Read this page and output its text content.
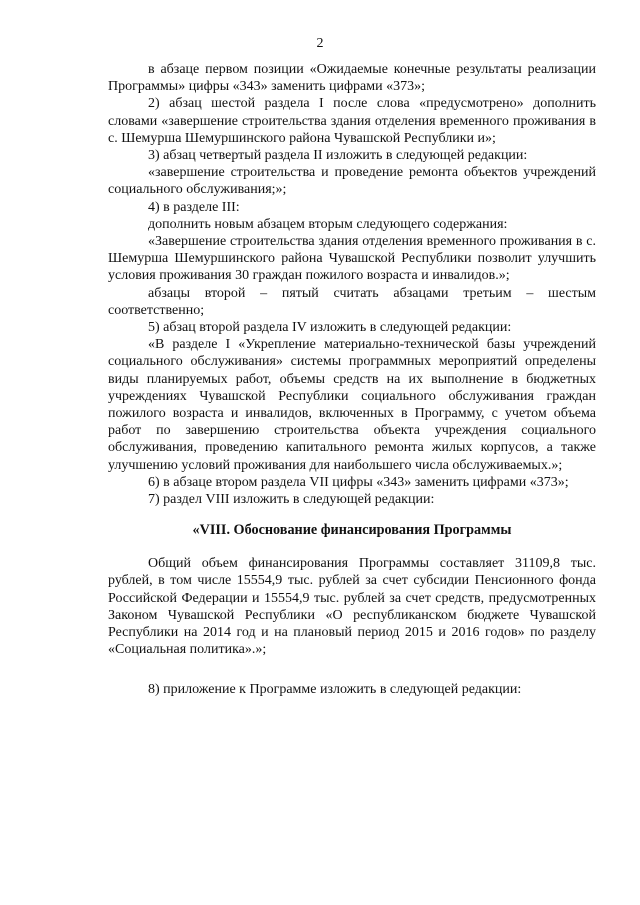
2

в абзаце первом позиции «Ожидаемые конечные результаты реализации Программы» цифры «343» заменить цифрами «373»;

2) абзац шестой раздела I после слова «предусмотрено» дополнить словами «завершение строительства здания отделения временного проживания в с. Шемурша Шемуршинского района Чувашской Республики и»;

3) абзац четвертый раздела II изложить в следующей редакции:

«завершение строительства и проведение ремонта объектов учреждений социального обслуживания;»;

4) в разделе III:

дополнить новым абзацем вторым следующего содержания:

«Завершение строительства здания отделения временного проживания в с. Шемурша Шемуршинского района Чувашской Республики позволит улучшить условия проживания 30 граждан пожилого возраста и инвалидов.»;

абзацы второй – пятый считать абзацами третьим – шестым соответственно;

5) абзац второй раздела IV изложить в следующей редакции:

«В разделе I «Укрепление материально-технической базы учреждений социального обслуживания» системы программных мероприятий определены виды планируемых работ, объемы средств на их выполнение в бюджетных учреждениях Чувашской Республики социального обслуживания граждан пожилого возраста и инвалидов, включенных в Программу, с учетом объема работ по завершению строительства объекта учреждения социального обслуживания, проведению капитального ремонта жилых корпусов, а также улучшению условий проживания для наибольшего числа обслуживаемых.»;

6) в абзаце втором раздела VII цифры «343» заменить цифрами «373»;

7) раздел VIII изложить в следующей редакции:

«VIII. Обоснование финансирования Программы

Общий объем финансирования Программы составляет 31109,8 тыс. рублей, в том числе 15554,9 тыс. рублей за счет субсидии Пенсионного фонда Российской Федерации и 15554,9 тыс. рублей за счет средств, предусмотренных Законом Чувашской Республики «О республиканском бюджете Чувашской Республики на 2014 год и на плановый период 2015 и 2016 годов» по разделу «Социальная политика».»;

8) приложение к Программе изложить в следующей редакции:
